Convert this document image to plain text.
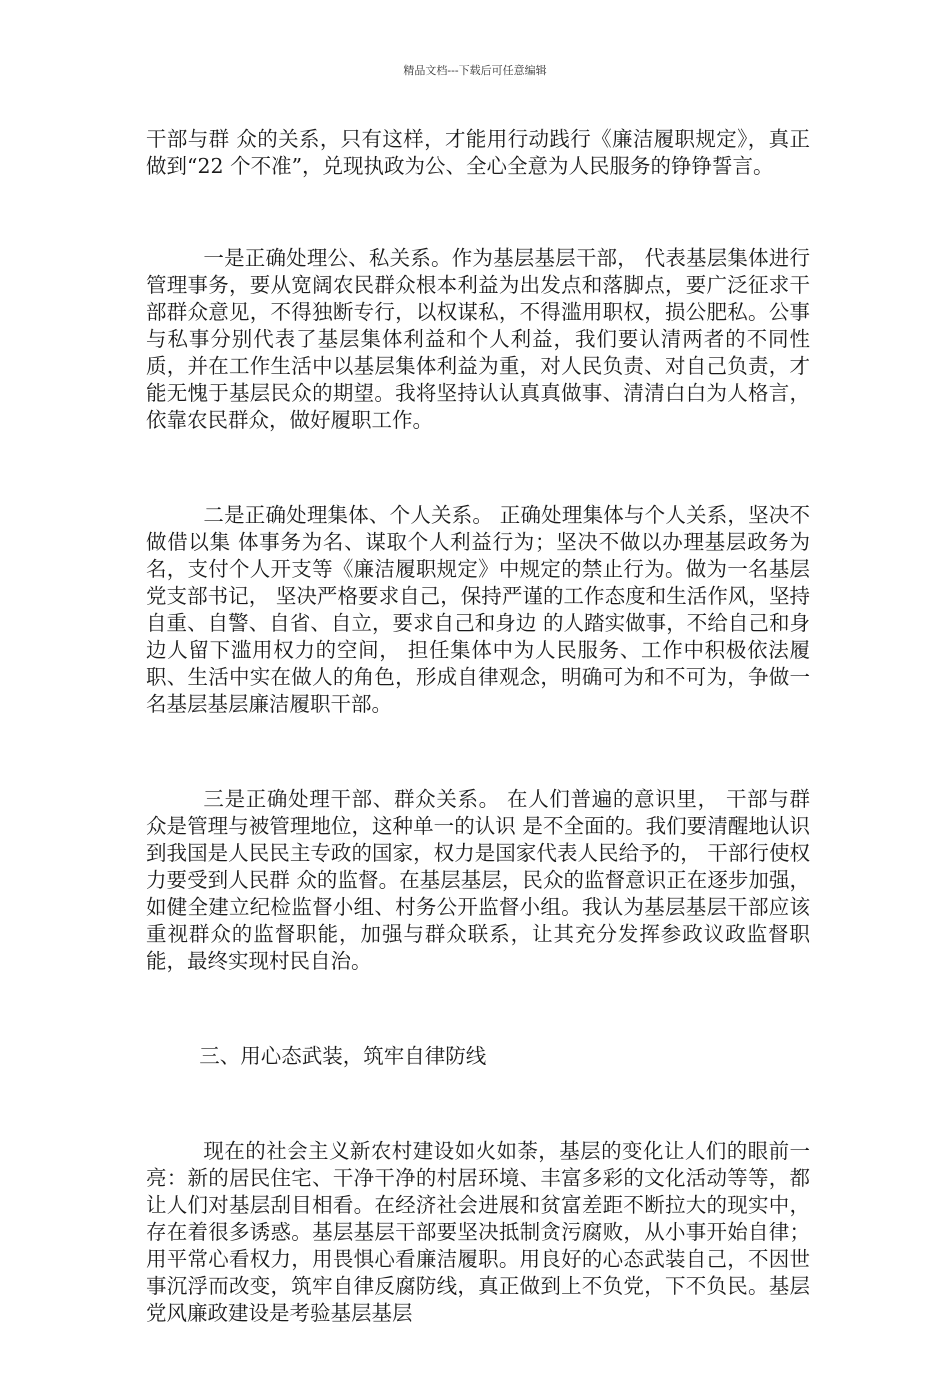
精品文档---下载后可任意编辑

干部与群 众的关系，只有这样，才能用行动践行《廉洁履职规定》，真正做到“22 个不准”，兑现执政为公、全心全意为人民服务的铮铮誓言。

一是正确处理公、私关系。作为基层基层干部， 代表基层集体进行管理事务，要从宽阔农民群众根本利益为出发点和落脚点，要广泛征求干部群众意见，不得独断专行，以权谋私，不得滥用职权，损公肥私。公事与私事分别代表了基层集体利益和个人利益，我们要认清两者的不同性质，并在工作生活中以基层集体利益为重，对人民负责、对自己负责，才能无愧于基层民众的期望。我将坚持认认真真做事、清清白白为人格言，依靠农民群众，做好履职工作。

二是正确处理集体、个人关系。 正确处理集体与个人关系，坚决不做借以集 体事务为名、谋取个人利益行为；坚决不做以办理基层政务为名，支付个人开支等《廉洁履职规定》中规定的禁止行为。做为一名基层党支部书记， 坚决严格要求自己，保持严谨的工作态度和生活作风，坚持自重、自警、自省、自立，要求自己和身边 的人踏实做事，不给自己和身边人留下滥用权力的空间， 担任集体中为人民服务、工作中积极依法履职、生活中实在做人的角色，形成自律观念，明确可为和不可为，争做一名基层基层廉洁履职干部。

三是正确处理干部、群众关系。 在人们普遍的意识里， 干部与群众是管理与被管理地位，这种单一的认识 是不全面的。我们要清醒地认识到我国是人民民主专政的国家，权力是国家代表人民给予的， 干部行使权力要受到人民群 众的监督。在基层基层，民众的监督意识正在逐步加强，如健全建立纪检监督小组、村务公开监督小组。我认为基层基层干部应该重视群众的监督职能，加强与群众联系，让其充分发挥参政议政监督职能，最终实现村民自治。

三、用心态武装，筑牢自律防线

现在的社会主义新农村建设如火如荼，基层的变化让人们的眼前一亮：新的居民住宅、干净干净的村居环境、丰富多彩的文化活动等等，都让人们对基层刮目相看。在经济社会进展和贫富差距不断拉大的现实中，存在着很多诱惑。基层基层干部要坚决抵制贪污腐败，从小事开始自律；用平常心看权力，用畏惧心看廉洁履职。用良好的心态武装自己，不因世事沉浮而改变，筑牢自律反腐防线，真正做到上不负党，下不负民。基层党风廉政建设是考验基层基层
